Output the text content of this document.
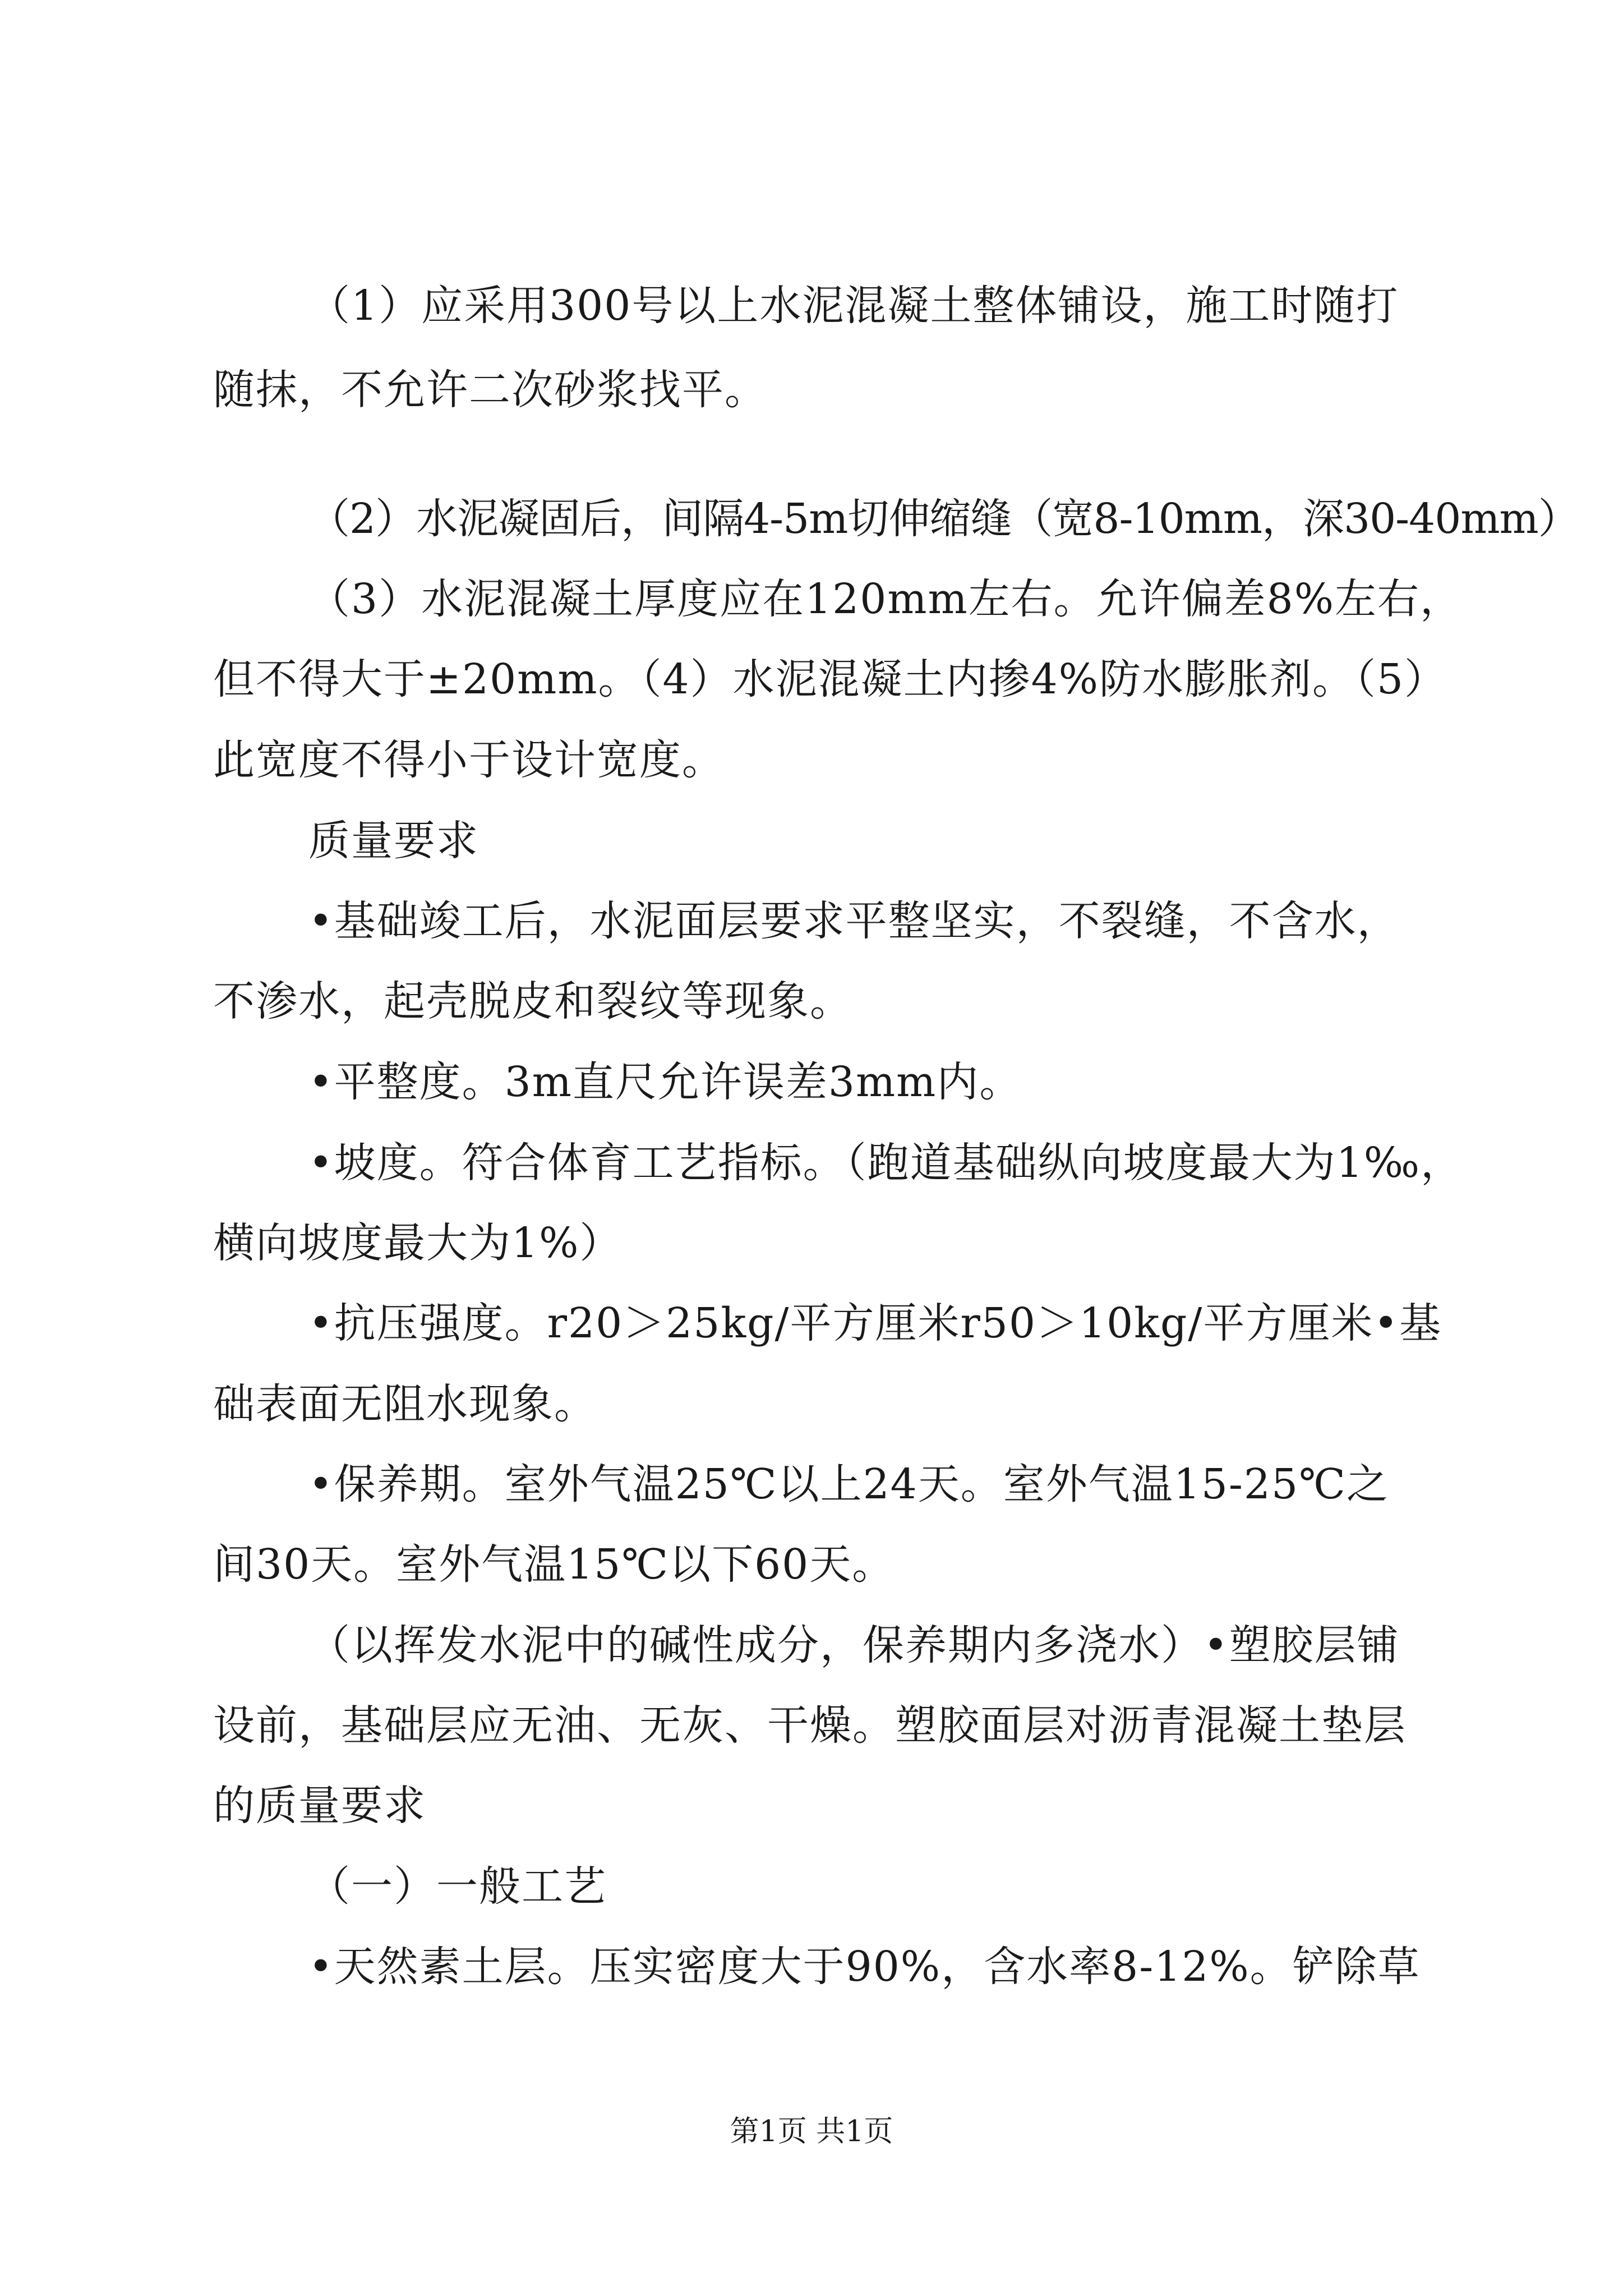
（1）应采用300号以上水泥混凝土整体铺设，施工时随打
随抹，不允许二次砂浆找平。
（2）水泥凝固后，间隔4-5m切伸缩缝（宽8-10mm，深30-40mm）
（3）水泥混凝土厚度应在120mm左右。允许偏差8%左右，
但不得大于±20mm。（4）水泥混凝土内掺4%防水膨胀剂。（5）
此宽度不得小于设计宽度。
质量要求
•基础竣工后，水泥面层要求平整坚实，不裂缝，不含水，
不渗水，起壳脱皮和裂纹等现象。
•平整度。3m直尺允许误差3mm内。
•坡度。符合体育工艺指标。（跑道基础纵向坡度最大为1‰，
横向坡度最大为1%）
•抗压强度。r20＞25kg/平方厘米r50＞10kg/平方厘米•基
础表面无阻水现象。
•保养期。室外气温25℃以上24天。室外气温15-25℃之
间30天。室外气温15℃以下60天。
（以挥发水泥中的碱性成分，保养期内多浇水）•塑胶层铺
设前，基础层应无油、无灰、干燥。塑胶面层对沥青混凝土垫层
的质量要求
（一）一般工艺
•天然素土层。压实密度大于90%，含水率8-12%。铲除草
第1页 共1页
